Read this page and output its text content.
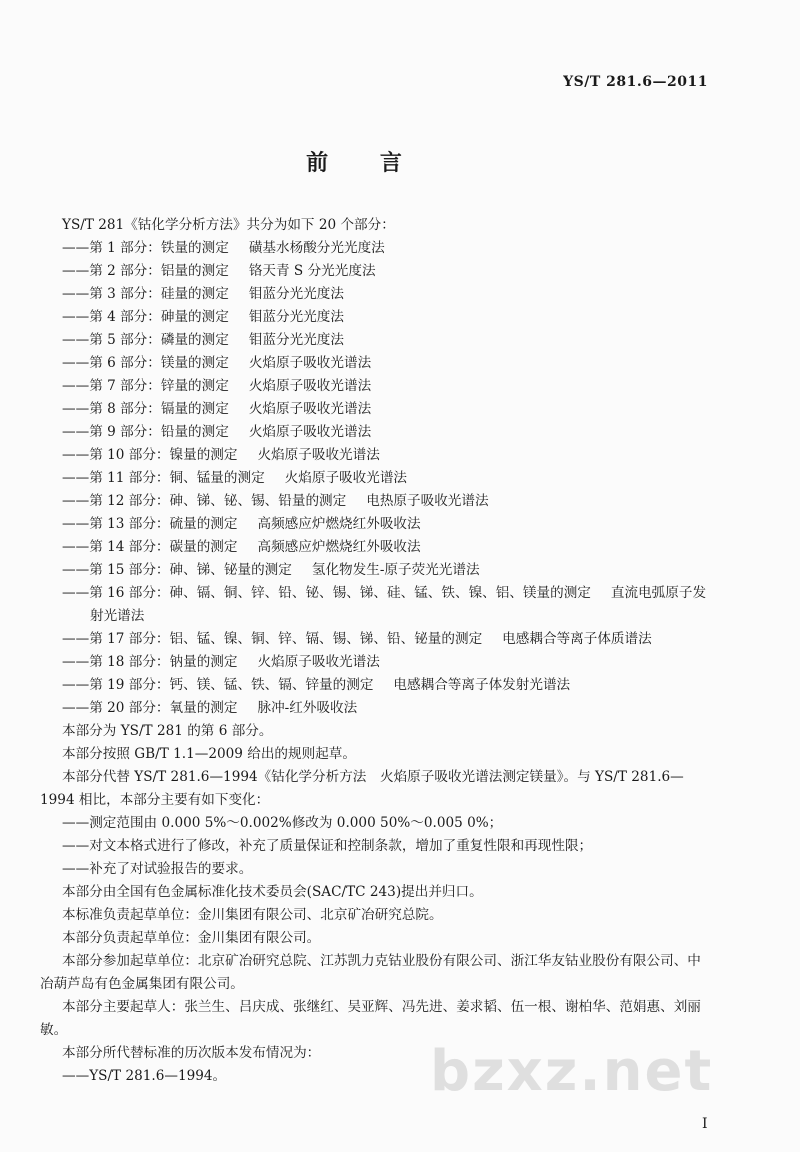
YS/T 281.6—2011
前 言

YS/T 281《钴化学分析方法》共分为如下 20 个部分：

——第 1 部分：铁量的测定 磺基水杨酸分光光度法

——第 2 部分：铝量的测定 铬天青 S 分光光度法

——第 3 部分：硅量的测定 钼蓝分光光度法

——第 4 部分：砷量的测定 钼蓝分光光度法

——第 5 部分：磷量的测定 钼蓝分光光度法

——第 6 部分：镁量的测定 火焰原子吸收光谱法

——第 7 部分：锌量的测定 火焰原子吸收光谱法

——第 8 部分：镉量的测定 火焰原子吸收光谱法

——第 9 部分：铅量的测定 火焰原子吸收光谱法

——第 10 部分：镍量的测定 火焰原子吸收光谱法

——第 11 部分：铜、锰量的测定 火焰原子吸收光谱法

——第 12 部分：砷、锑、铋、锡、铅量的测定 电热原子吸收光谱法

——第 13 部分：硫量的测定 高频感应炉燃烧红外吸收法

——第 14 部分：碳量的测定 高频感应炉燃烧红外吸收法

——第 15 部分：砷、锑、铋量的测定 氢化物发生-原子荧光光谱法

——第 16 部分：砷、镉、铜、锌、铅、铋、锡、锑、硅、锰、铁、镍、铝、镁量的测定 直流电弧原子发射光谱法

——第 17 部分：铝、锰、镍、铜、锌、镉、锡、锑、铅、铋量的测定 电感耦合等离子体质谱法

——第 18 部分：钠量的测定 火焰原子吸收光谱法

——第 19 部分：钙、镁、锰、铁、镉、锌量的测定 电感耦合等离子体发射光谱法

——第 20 部分：氧量的测定 脉冲-红外吸收法

本部分为 YS/T 281 的第 6 部分。

本部分按照 GB/T 1.1—2009 给出的规则起草。

本部分代替 YS/T 281.6—1994《钴化学分析方法　火焰原子吸收光谱法测定镁量》。与 YS/T 281.6—1994 相比，本部分主要有如下变化：

——测定范围由 0.000 5%～0.002%修改为 0.000 50%～0.005 0%；

——对文本格式进行了修改，补充了质量保证和控制条款，增加了重复性限和再现性限；

——补充了对试验报告的要求。

本部分由全国有色金属标准化技术委员会(SAC/TC 243)提出并归口。

本标准负责起草单位：金川集团有限公司、北京矿冶研究总院。

本部分负责起草单位：金川集团有限公司。

本部分参加起草单位：北京矿冶研究总院、江苏凯力克钴业股份有限公司、浙江华友钴业股份有限公司、中冶葫芦岛有色金属集团有限公司。

本部分主要起草人：张兰生、吕庆成、张继红、吴亚辉、冯先进、姜求韬、伍一根、谢柏华、范娟惠、刘丽敏。

本部分所代替标准的历次版本发布情况为：

——YS/T 281.6—1994。	bzxz.net
I
